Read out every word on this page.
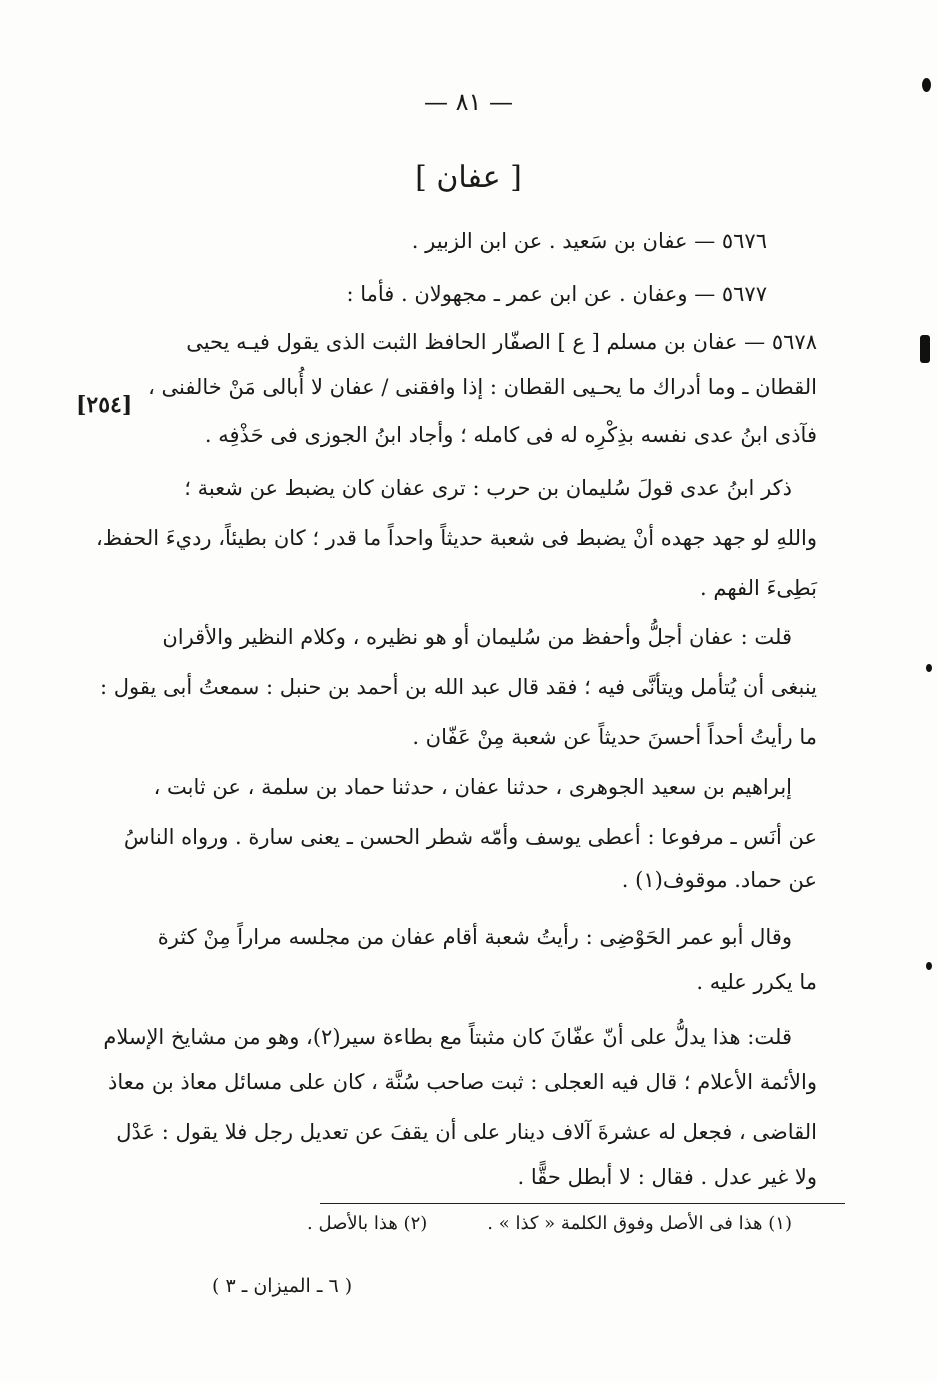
— ٨١ —
[ عفان ]
[٢٥٤]
٥٦٧٦ — عفان بن سَعيد . عن ابن الزبير .
٥٦٧٧ — وعفان . عن ابن عمر ـ مجهولان . فأما :
٥٦٧٨ — عفان بن مسلم [ ع ] الصفّار الحافظ الثبت الذى يقول فيـه يحيى
القطان ـ وما أدراك ما يحـيى القطان : إذا وافقنى / عفان لا أُبالى مَنْ خالفنى ،
فآذى ابنُ عدى نفسه بذِكْرِه له فى كامله ؛ وأجاد ابنُ الجوزى فى حَذْفِه .
ذكر ابنُ عدى قولَ سُليمان بن حرب : ترى عفان كان يضبط عن شعبة ؛
واللهِ لو جهد جهده أنْ يضبط فى شعبة حديثاً واحداً ما قدر ؛ كان بطيئاً، رديءَ الحفظ،
بَطِىءَ الفهم .
قلت : عفان أجلُّ وأحفظ من سُليمان أو هو نظيره ، وكلام النظير والأقران
ينبغى أن يُتأمل ويتأنَّى فيه ؛ فقد قال عبد الله بن أحمد بن حنبل : سمعتُ أبى يقول :
ما رأيتُ أحداً أحسنَ حديثاً عن شعبة مِنْ عَفّان .
إبراهيم بن سعيد الجوهرى ، حدثنا عفان ، حدثنا حماد بن سلمة ، عن ثابت ،
عن أنَس ـ مرفوعا : أعطى يوسف وأمّه شطر الحسن ـ يعنى سارة . ورواه الناسُ
عن حماد. موقوف(١) .
وقال أبو عمر الحَوْضِى : رأيتُ شعبة أقام عفان من مجلسه مراراً مِنْ كثرة
ما يكرر عليه .
قلت: هذا يدلُّ على أنّ عفّانَ كان مثبتاً مع بطاءة سير(٢)، وهو من مشايخ الإسلام
والأئمة الأعلام ؛ قال فيه العجلى : ثبت صاحب سُنَّة ، كان على مسائل معاذ بن معاذ
القاضى ، فجعل له عشرةَ آلاف دينار على أن يقفَ عن تعديل رجل فلا يقول : عَدْل
ولا غير عدل . فقال : لا أبطل حقًّا .
(١) هذا فى الأصل وفوق الكلمة « كذا » .(٢) هذا بالأصل .
( ٦ ـ الميزان ـ ٣ )
